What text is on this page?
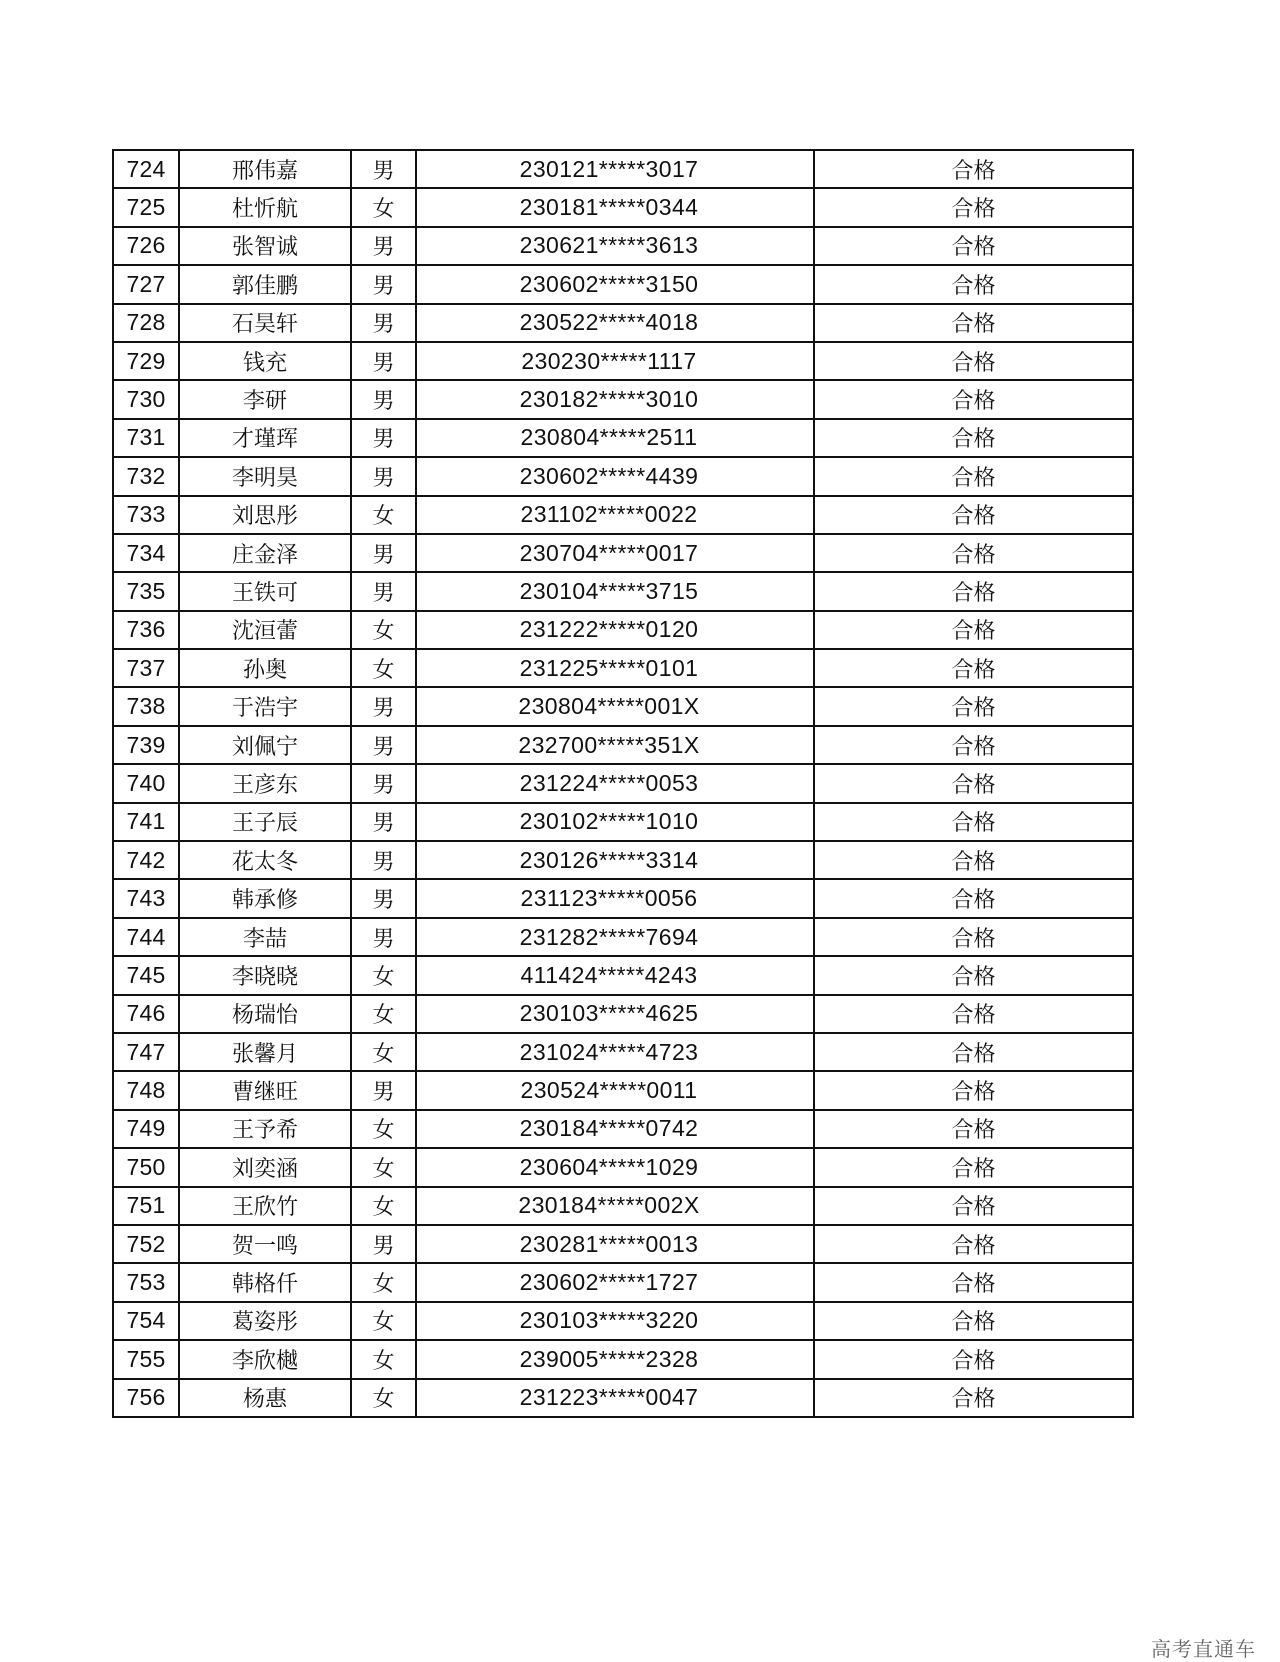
724	邢伟嘉	男	230121*****3017	合格
725	杜忻航	女	230181*****0344	合格
726	张智诚	男	230621*****3613	合格
727	郭佳鹏	男	230602*****3150	合格
728	石昊轩	男	230522*****4018	合格
729	钱充	男	230230*****1117	合格
730	李研	男	230182*****3010	合格
731	才瑾珲	男	230804*****2511	合格
732	李明昊	男	230602*****4439	合格
733	刘思彤	女	231102*****0022	合格
734	庄金泽	男	230704*****0017	合格
735	王铁可	男	230104*****3715	合格
736	沈洹蕾	女	231222*****0120	合格
737	孙奥	女	231225*****0101	合格
738	于浩宇	男	230804*****001X	合格
739	刘佩宁	男	232700*****351X	合格
740	王彦东	男	231224*****0053	合格
741	王子辰	男	230102*****1010	合格
742	花太冬	男	230126*****3314	合格
743	韩承修	男	231123*****0056	合格
744	李喆	男	231282*****7694	合格
745	李晓晓	女	411424*****4243	合格
746	杨瑞怡	女	230103*****4625	合格
747	张馨月	女	231024*****4723	合格
748	曹继旺	男	230524*****0011	合格
749	王予希	女	230184*****0742	合格
750	刘奕涵	女	230604*****1029	合格
751	王欣竹	女	230184*****002X	合格
752	贺一鸣	男	230281*****0013	合格
753	韩格仟	女	230602*****1727	合格
754	葛姿彤	女	230103*****3220	合格
755	李欣樾	女	239005*****2328	合格
756	杨惠	女	231223*****0047	合格
高考直通车
